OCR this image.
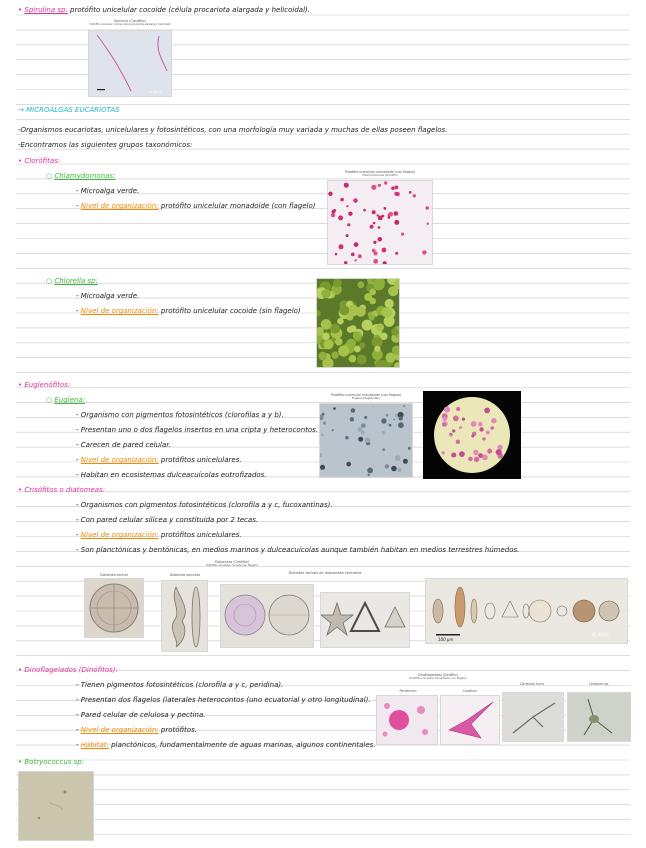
• Spirulina sp: protófito unicelular cocoide (célula procariota alargada y helicoidal).
Spirulina (Cianófito)
Protófito unicelular cocoide (célula procariota alargada y helicoidal)
M. Bocio
→ MICROALGAS EUCARIOTAS
-Organismos eucariotas, unicelulares y fotosintéticos, con una morfología muy variada y muchas de ellas poseen flagelos.
-Encontramos las siguientes grupos taxonómicos:
• Clorófitas:
○ Chlamydomonas:
- Microalga verde.
- Nivel de organización: protófito unicelular monadoide (con flagelo)
Protófito unicelular monadoide (con flagelo)
Chlamydomonas (Clorófito)
○ Chlorella sp:
- Microalga verde.
- Nivel de organización: protófito unicelular cocoide (sin flagelo)
• Euglenófitos:
○ Euglena:
- Organismo con pigmentos fotosintéticos (clorofilas a y b).
- Presentan uno o dos flagelos insertos en una cripta y heterocontos.
- Carecen de pared celular.
- Nivel de organización: protófitos unicelulares.
- Habitan en ecosistemas dulceacuícolas eutrofizados.
Protófito unicelular monadoide (con flagelo)
Euglena (Euglenófito)
• Crisófitos o diatomeas:
- Organismos con pigmentos fotosintéticos (clorofila a y c, fucoxantinas).
- Con pared celular silícea y constituida por 2 tecas.
- Nivel de organización: protófitos unicelulares.
- Son planctónicas y bentónicas, en medios marinos y dulceacuícolas aunque también habitan en medios terrestres húmedos.
Diatomeas (Crisófito)
Protófito unicelular cocoide (sin flagelo)
Diatomea central	Diatomea pennada	Distintas formas de diatomeas centrales
100 µm
M. Bocio
• Dinoflagelados (Dinófitos):
- Tienen pigmentos fotosintéticos (clorofila a y c, peridina).
- Presentan dos flagelos (laterales heterocontos (uno ecuatorial y otro longitudinal).
- Pared celular de celulosa y pectina.
- Nivel de organización: protófitos.
- Hábitat: planctónicos, fundamentalmente de aguas marinas, algunos continentales.
Dinoflagelados (Dinófito)
Protófito unicelular monadoide (con flagelo)
Peridinium	Ceratium
Ceratium furca	Ceratium sp.
• Botryococcus sp:
